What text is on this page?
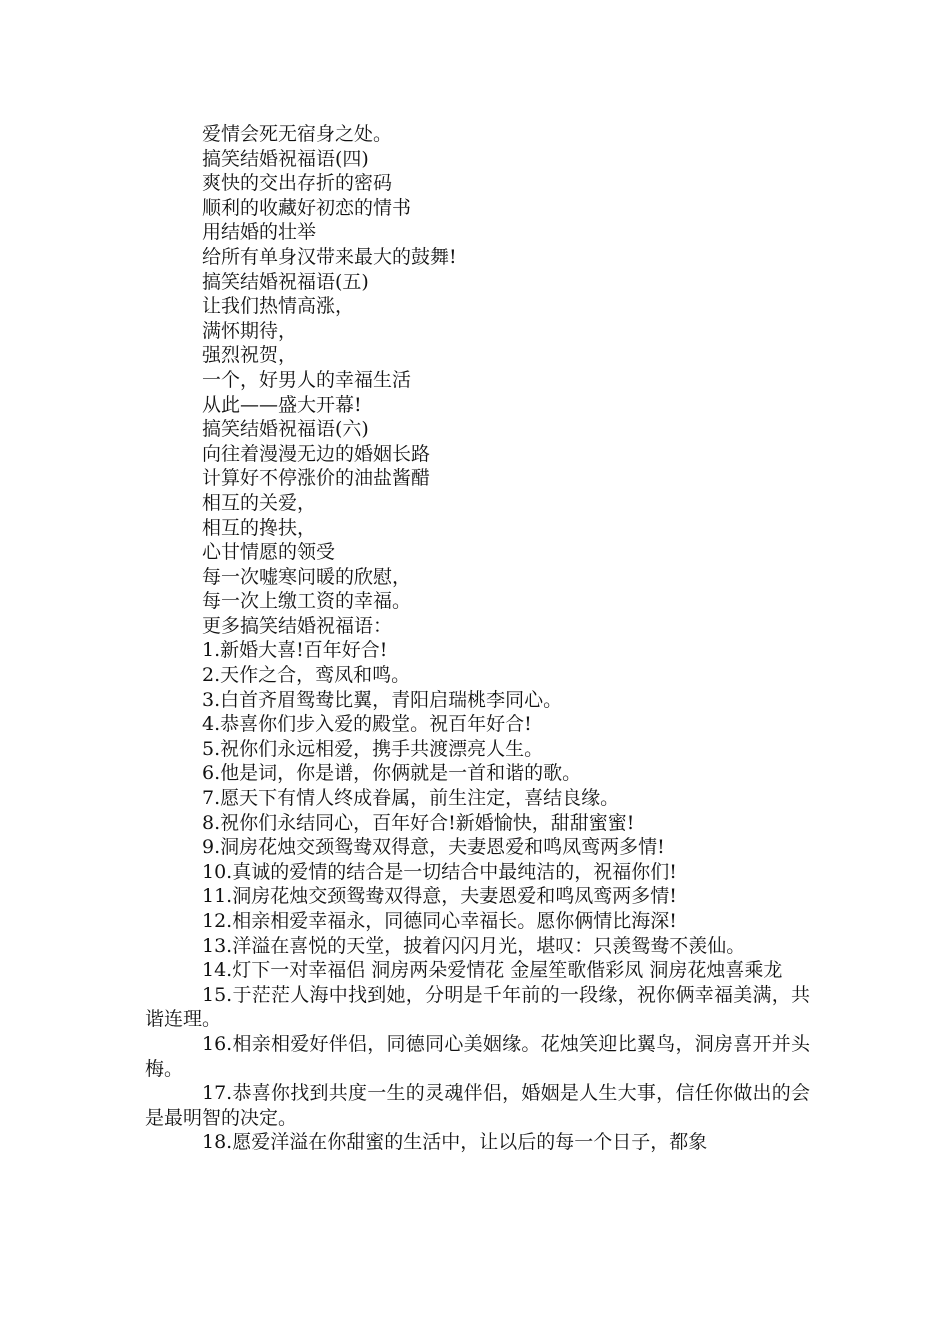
爱情会死无宿身之处。

搞笑结婚祝福语(四)

爽快的交出存折的密码

顺利的收藏好初恋的情书

用结婚的壮举

给所有单身汉带来最大的鼓舞!

搞笑结婚祝福语(五)

让我们热情高涨，

满怀期待，

强烈祝贺，

一个，好男人的幸福生活

从此——盛大开幕!

搞笑结婚祝福语(六)

向往着漫漫无边的婚姻长路

计算好不停涨价的油盐酱醋

相互的关爱，

相互的搀扶，

心甘情愿的领受

每一次嘘寒问暖的欣慰，

每一次上缴工资的幸福。

更多搞笑结婚祝福语：

1.新婚大喜!百年好合!

2.天作之合，鸾凤和鸣。

3.白首齐眉鸳鸯比翼，青阳启瑞桃李同心。

4.恭喜你们步入爱的殿堂。祝百年好合!

5.祝你们永远相爱，携手共渡漂亮人生。

6.他是词，你是谱，你俩就是一首和谐的歌。

7.愿天下有情人终成眷属，前生注定，喜结良缘。

8.祝你们永结同心，百年好合!新婚愉快，甜甜蜜蜜!

9.洞房花烛交颈鸳鸯双得意，夫妻恩爱和鸣凤鸾两多情!

10.真诚的爱情的结合是一切结合中最纯洁的，祝福你们!

11.洞房花烛交颈鸳鸯双得意，夫妻恩爱和鸣凤鸾两多情!

12.相亲相爱幸福永，同德同心幸福长。愿你俩情比海深!

13.洋溢在喜悦的天堂，披着闪闪月光，堪叹：只羡鸳鸯不羡仙。

14.灯下一对幸福侣 洞房两朵爱情花 金屋笙歌偕彩凤 洞房花烛喜乘龙

15.于茫茫人海中找到她，分明是千年前的一段缘，祝你俩幸福美满，共谐连理。

16.相亲相爱好伴侣，同德同心美姻缘。花烛笑迎比翼鸟，洞房喜开并头梅。

17.恭喜你找到共度一生的灵魂伴侣，婚姻是人生大事，信任你做出的会是最明智的决定。

18.愿爱洋溢在你甜蜜的生活中，让以后的每一个日子，都象
